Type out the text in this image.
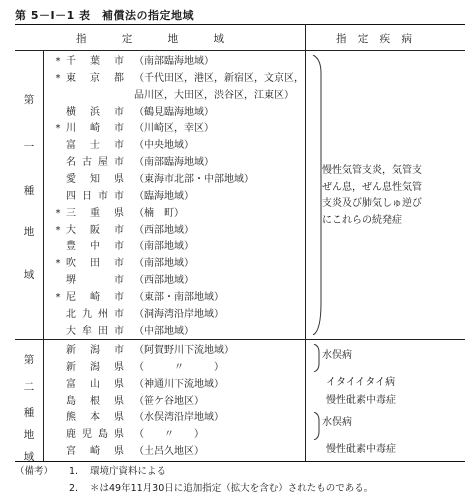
第 5－Ⅰ－1 表　補償法の指定地域
指 定 地 域	指 定 疾 病
第
一
種
地
域
* 千 葉 市 （南部臨海地域）
* 東 京 都 （千代田区，港区，新宿区，文京区，
品川区，大田区，渋谷区，江東区）
横 浜 市 （鶴見臨海地域）
* 川 崎 市 （川崎区，幸区）
富 士 市 （中央地域）
名 古 屋 市 （南部臨海地域）
愛 知 県 （東海市北部・中部地域）
四 日 市 市 （臨海地域）
* 三 重 県 （楠　町）
* 大 阪 市 （西部地域）
豊 中 市 （南部地域）
* 吹 田 市 （南部地域）
堺	市 （西部地域）
* 尼 崎 市 （東部・南部地域）
北 九 州 市 （洞海湾沿岸地域）
大 牟 田 市 （中部地域）
慢性気管支炎，気管支
ぜん息，ぜん息性気管
支炎及び肺気しゅ逆び
にこれらの続発症
第
二
種
地
域
新 潟 市 （阿賀野川下流地域）
新 潟 県 （　　　〃　　　）
富 山 県 （神通川下流地域）
島 根 県 （笹ケ谷地区）
熊 本 県 （水俣湾沿岸地域）
鹿 児 島 県 （　　〃　　）
宮 崎 県 （土呂久地区）
水俣病
イタイイタイ病
慢性砒素中毒症
水俣病
慢性砒素中毒症
（備考） 1. 環境庁資料による
2. ＊は49年11月30日に追加指定（拡大を含む）されたものである。
